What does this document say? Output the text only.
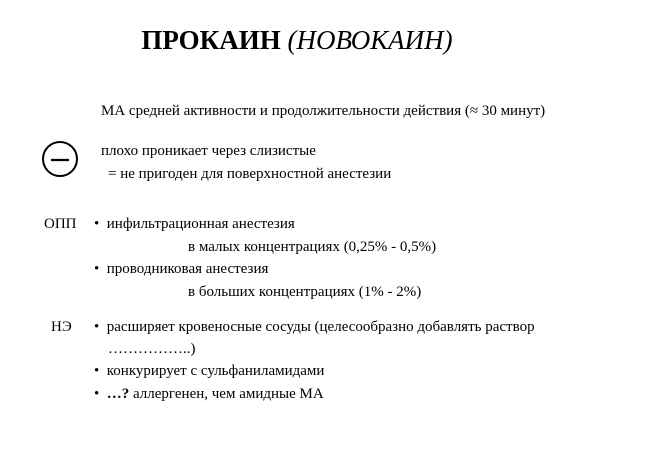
ПРОКАИН (НОВОКАИН)
МА средней активности и продолжительности действия (≈ 30 минут)
плохо проникает через слизистые
= не пригоден для поверхностной анестезии
ОПП • инфильтрационная анестезия
в малых концентрациях (0,25% - 0,5%)
• проводниковая анестезия
в больших концентрациях (1% - 2%)
НЭ • расширяет кровеносные сосуды (целесообразно добавлять раствор
……………..)
• конкурирует с сульфаниламидами
• …? аллергенен, чем амидные МА
